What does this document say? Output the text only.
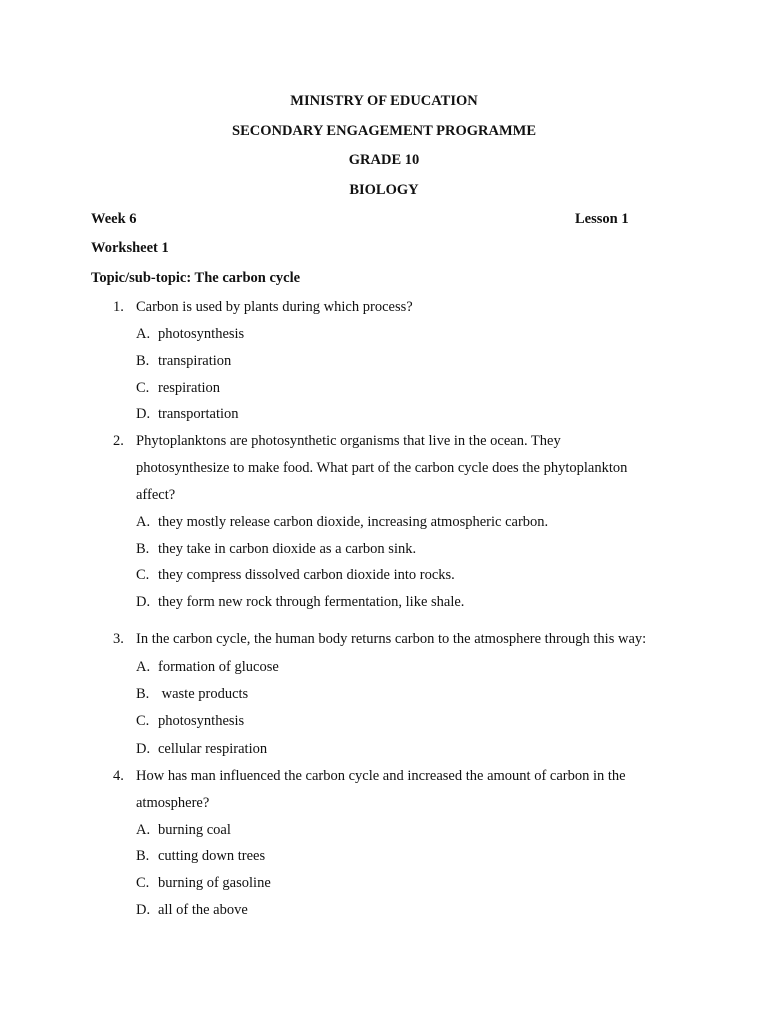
MINISTRY OF EDUCATION
SECONDARY ENGAGEMENT PROGRAMME
GRADE 10
BIOLOGY
Week 6	Lesson 1
Worksheet 1
Topic/sub-topic: The carbon cycle
1. Carbon is used by plants during which process?
A. photosynthesis
B. transpiration
C. respiration
D. transportation
2. Phytoplanktons are photosynthetic organisms that live in the ocean. They
photosynthesize to make food. What part of the carbon cycle does the phytoplankton
affect?
A. they mostly release carbon dioxide, increasing atmospheric carbon.
B. they take in carbon dioxide as a carbon sink.
C. they compress dissolved carbon dioxide into rocks.
D. they form new rock through fermentation, like shale.
3. In the carbon cycle, the human body returns carbon to the atmosphere through this way:
A. formation of glucose
B. waste products
C. photosynthesis
D. cellular respiration
4. How has man influenced the carbon cycle and increased the amount of carbon in the
atmosphere?
A. burning coal
B. cutting down trees
C. burning of gasoline
D. all of the above
